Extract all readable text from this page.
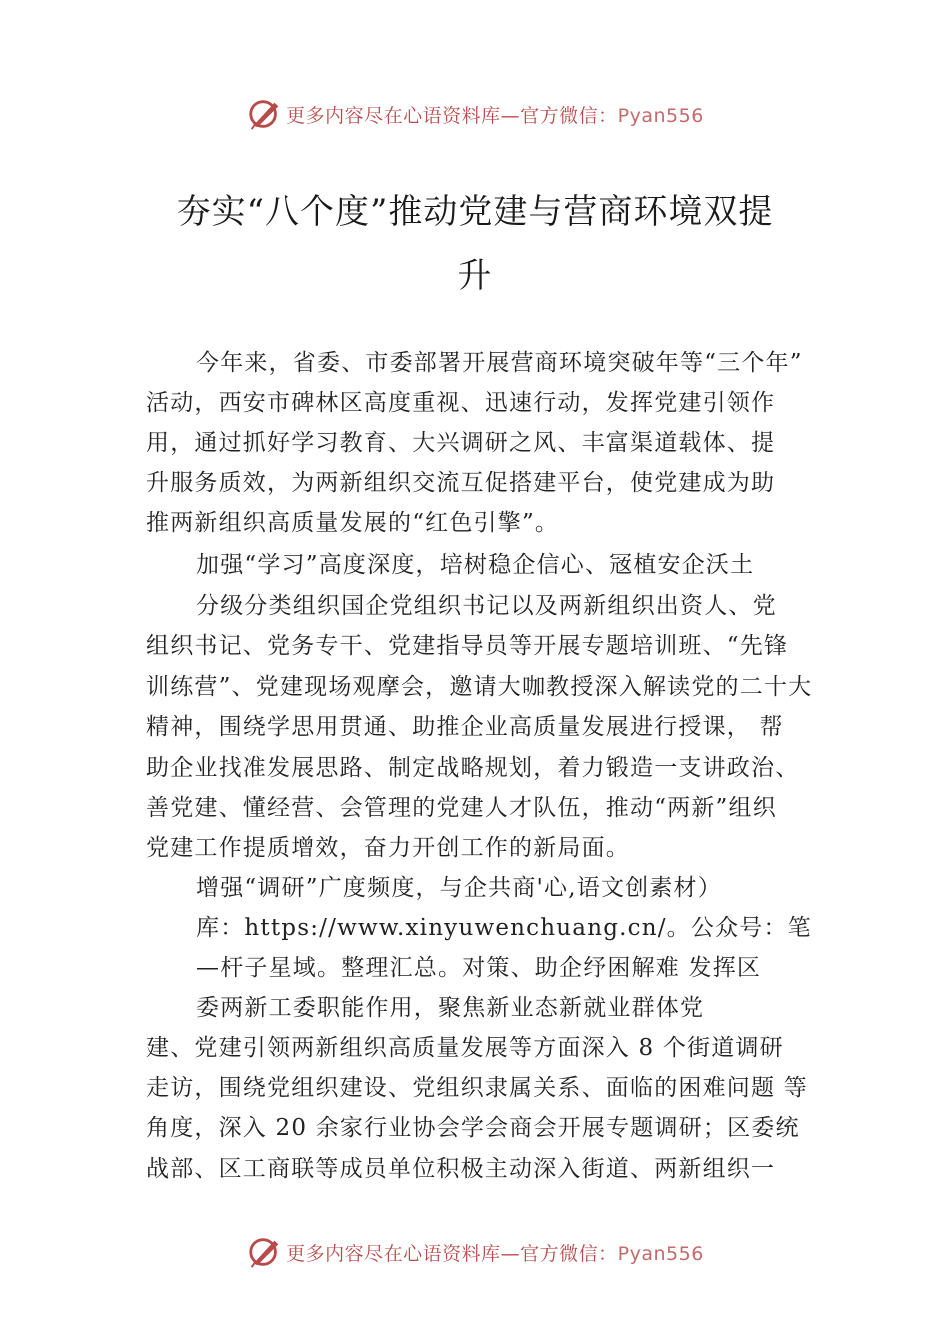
更多内容尽在心语资料库—官方微信：Pyan556
夯实“八个度”推动党建与营商环境双提
升
今年来，省委、市委部署开展营商环境突破年等“三个年”
活动，西安市碑林区高度重视、迅速行动，发挥党建引领作
用，通过抓好学习教育、大兴调研之风、丰富渠道载体、提
升服务质效，为两新组织交流互促搭建平台，使党建成为助
推两新组织高质量发展的“红色引擎”。
加强“学习”高度深度，培树稳企信心、㓂植安企沃土
分级分类组织国企党组织书记以及两新组织出资人、党
组织书记、党务专干、党建指导员等开展专题培训班、“先锋
训练营”、党建现场观摩会，邀请大咖教授深入解读党的二十大
精神，围绕学思用贯通、助推企业高质量发展进行授课， 帮
助企业找准发展思路、制定战略规划，着力锻造一支讲政治、
善党建、懂经营、会管理的党建人才队伍，推动“两新”组织
党建工作提质增效，奋力开创工作的新局面。
增强“调研”广度频度，与企共商'心,语文创素材）
库：https://www.xinyuwenchuang.cn/。公众号：笔
—杆子星域。整理汇总。对策、助企纾困解难 发挥区
委两新工委职能作用，聚焦新业态新就业群体党
建、党建引领两新组织高质量发展等方面深入 8 个街道调研
走访，围绕党组织建设、党组织隶属关系、面临的困难问题 等
角度，深入 20 余家行业协会学会商会开展专题调研；区委统
战部、区工商联等成员单位积极主动深入街道、两新组织一
更多内容尽在心语资料库—官方微信：Pyan556
